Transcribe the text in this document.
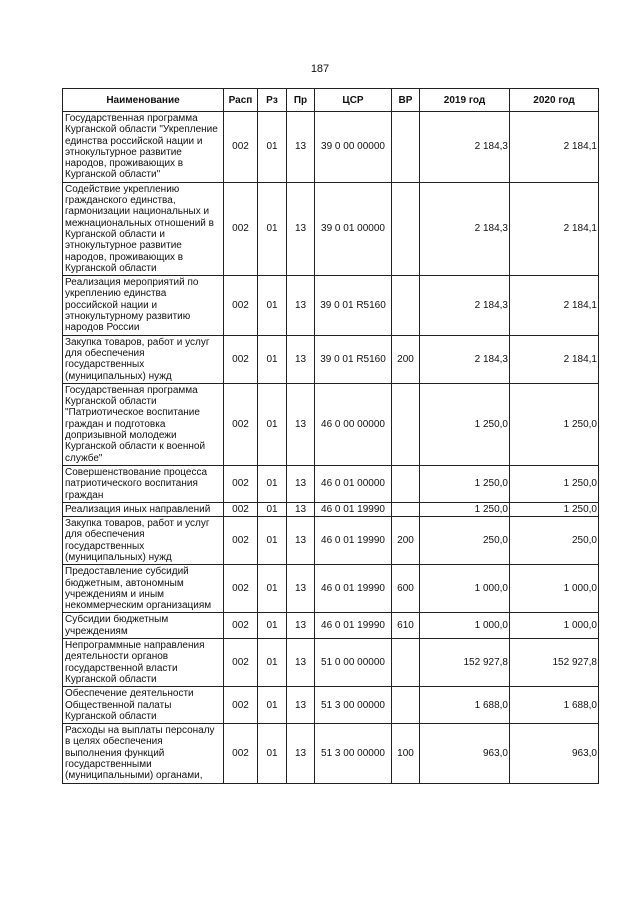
187
Наименование	Расп	Рз	Пр	ЦСР	ВР	2019 год	2020 год
Государственная программа Курганской области "Укрепление единства российской нации и этнокультурное развитие народов, проживающих в Курганской области"	002	01	13	39 0 00 00000		2 184,3	2 184,1
Содействие укреплению гражданского единства, гармонизации национальных и межнациональных отношений в Курганской области и этнокультурное развитие народов, проживающих в Курганской области	002	01	13	39 0 01 00000		2 184,3	2 184,1
Реализация мероприятий по укреплению единства российской нации и этнокультурному развитию народов России	002	01	13	39 0 01 R5160		2 184,3	2 184,1
Закупка товаров, работ и услуг для обеспечения государственных (муниципальных) нужд	002	01	13	39 0 01 R5160	200	2 184,3	2 184,1
Государственная программа Курганской области "Патриотическое воспитание граждан и подготовка допризывной молодежи Курганской области к военной службе"	002	01	13	46 0 00 00000		1 250,0	1 250,0
Совершенствование процесса патриотического воспитания граждан	002	01	13	46 0 01 00000		1 250,0	1 250,0
Реализация иных направлений	002	01	13	46 0 01 19990		1 250,0	1 250,0
Закупка товаров, работ и услуг для обеспечения государственных (муниципальных) нужд	002	01	13	46 0 01 19990	200	250,0	250,0
Предоставление субсидий бюджетным, автономным учреждениям и иным некоммерческим организациям	002	01	13	46 0 01 19990	600	1 000,0	1 000,0
Субсидии бюджетным учреждениям	002	01	13	46 0 01 19990	610	1 000,0	1 000,0
Непрограммные направления деятельности органов государственной власти Курганской области	002	01	13	51 0 00 00000		152 927,8	152 927,8
Обеспечение деятельности Общественной палаты Курганской области	002	01	13	51 3 00 00000		1 688,0	1 688,0
Расходы на выплаты персоналу в целях обеспечения выполнения функций государственными (муниципальными) органами,	002	01	13	51 3 00 00000	100	963,0	963,0
